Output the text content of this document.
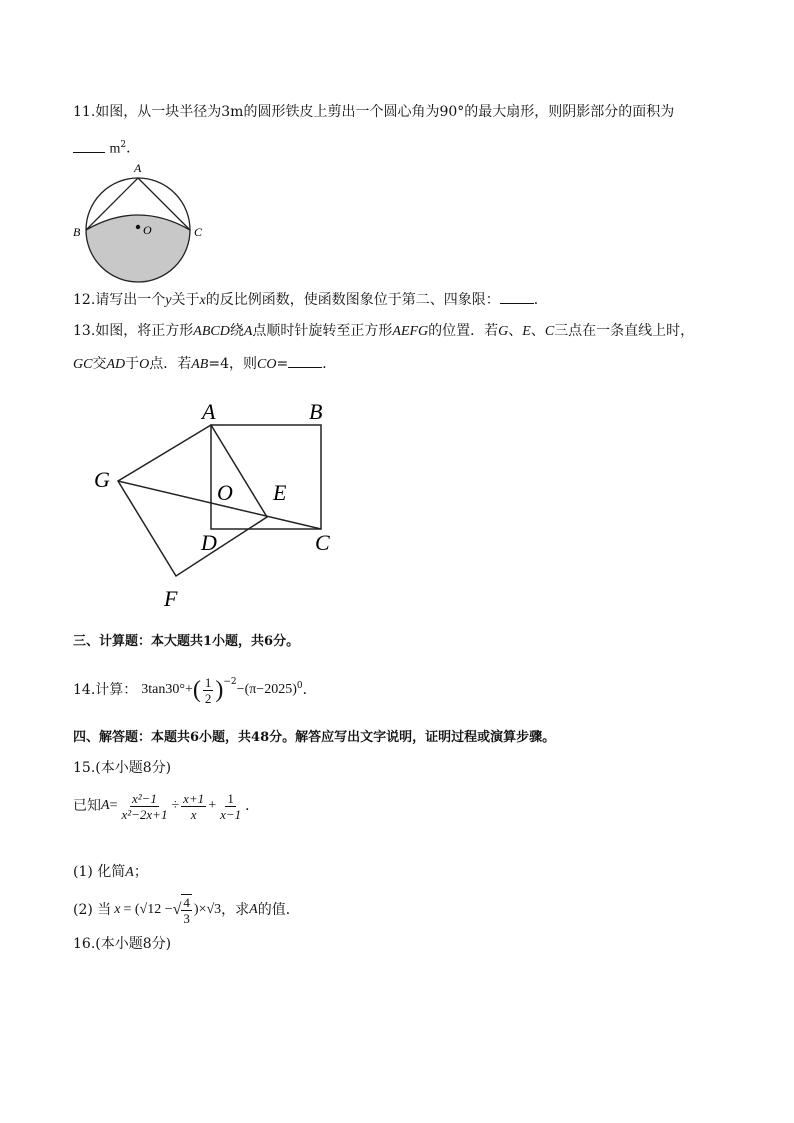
11.如图，从一块半径为3m的圆形铁皮上剪出一个圆心角为90°的最大扇形，则阴影部分的面积为
$m^2$．
A
B	C
O
12.请写出一个y关于x的反比例函数，使函数图象位于第二、四象限： ．
13.如图，将正方形ABCD绕A点顺时针旋转至正方形AEFG的位置．若G、E、C三点在一条直线上时，
GC交AD于O点．若AB=4，则CO= ．
A	B
G
O E
D	C
F
三、计算题：本大题共1小题，共6分。
14.计算： 3tan30°+ ( $\frac{1}{2} )^{-2} - (\pi-2025)^0$ ．
四、解答题：本题共6小题，共48分。解答应写出文字说明，证明过程或演算步骤。
15.(本小题8分)
已知 $A = \frac{\text{x²−1}}{\text{x²−2x+1}} \div \frac{x+1}{x} + \frac{1}{x-1}$ ．
(1) 化简A；
(2) 当 x = (√12 − √ $\frac{4}{3} )\times√3$ ，求 A 的值．
16.(本小题8分)
